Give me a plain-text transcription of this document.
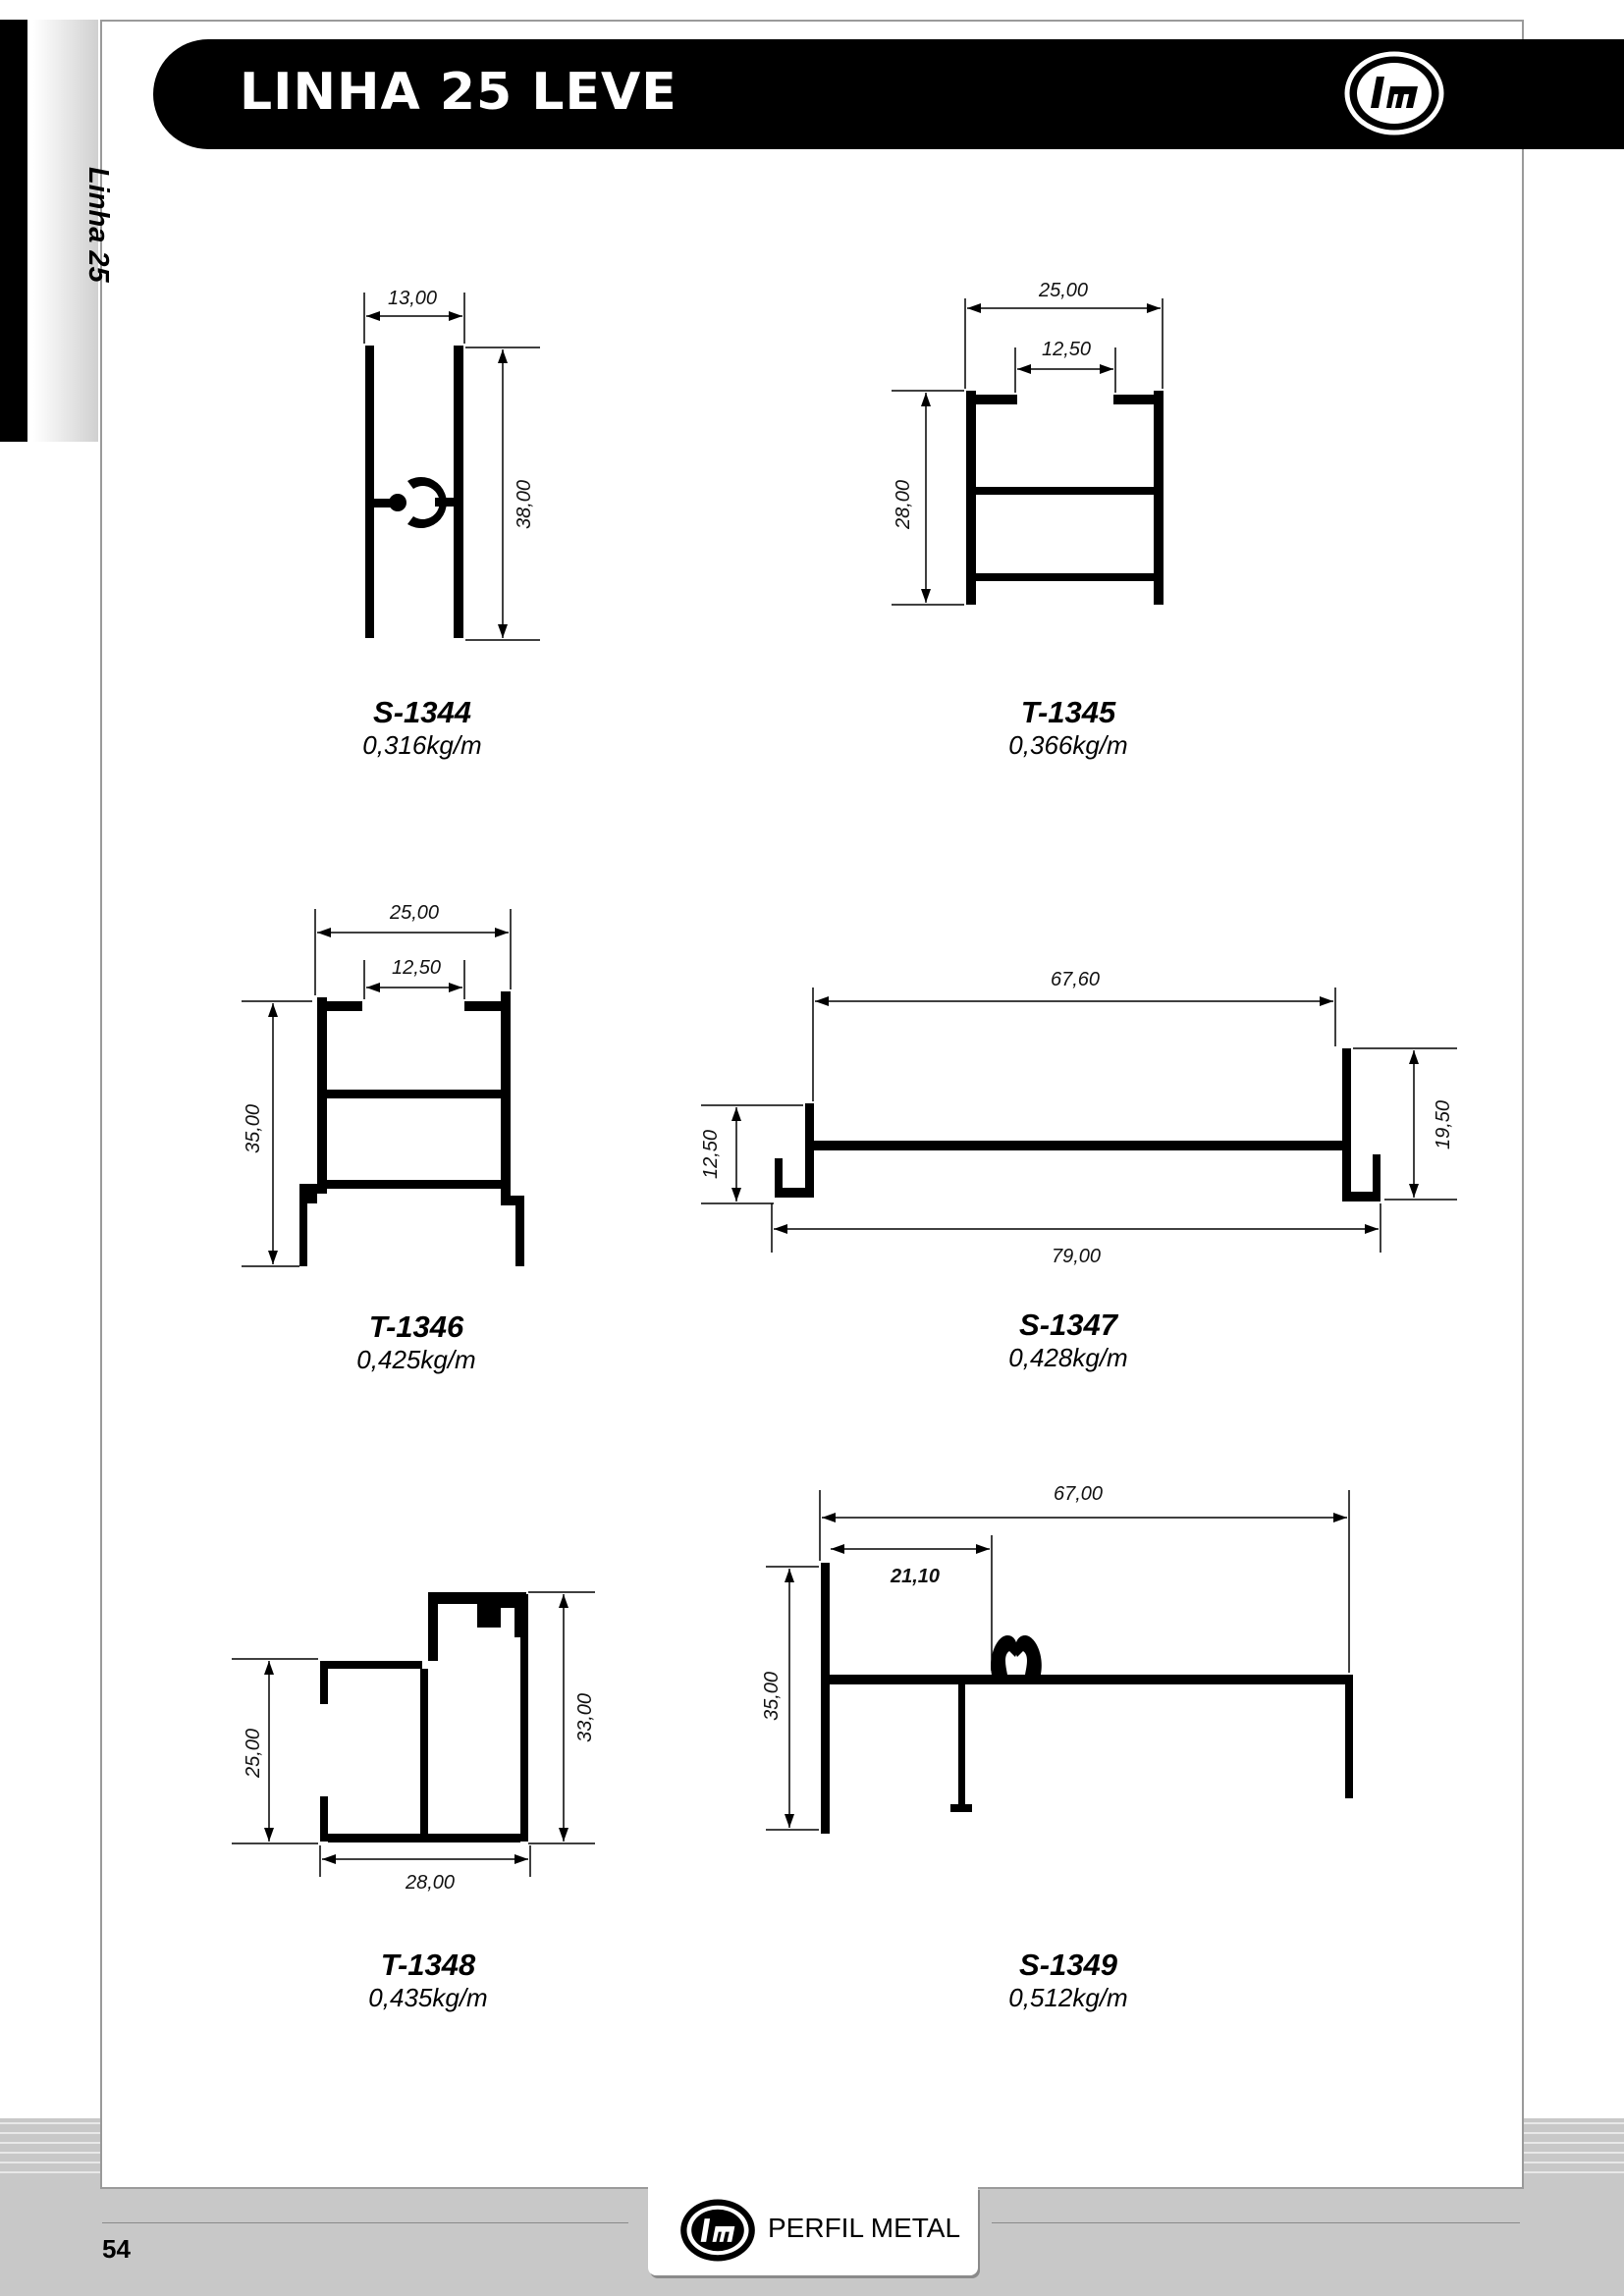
Linha 25
LINHA 25 LEVE
13,00
38,00
25,00
12,50
28,00
25,00
12,50
35,00
67,60
12,50
19,50
79,00
25,00
33,00
28,00
67,00
21,10
35,00
S-1344
0,316kg/m
T-1345
0,366kg/m
T-1346
0,425kg/m
S-1347
0,428kg/m
T-1348
0,435kg/m
S-1349
0,512kg/m
PERFIL METAL
54
